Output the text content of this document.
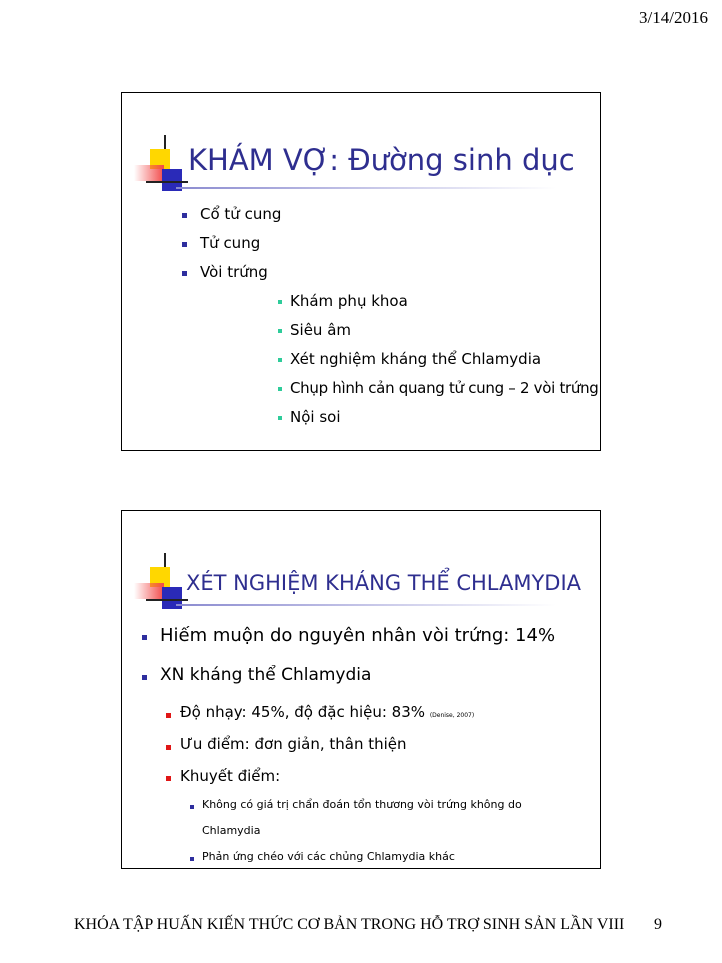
3/14/2016
KHÁM VỢ: Đường sinh dục
Cổ tử cung
Tử cung
Vòi trứng
Khám phụ khoa
Siêu âm
Xét nghiệm kháng thể Chlamydia
Chụp hình cản quang tử cung – 2 vòi trứng
Nội soi
XÉT NGHIỆM KHÁNG THỂ CHLAMYDIA
Hiếm muộn do nguyên nhân vòi trứng: 14%
XN kháng thể Chlamydia
Độ nhạy: 45%, độ đặc hiệu: 83% (Denise, 2007)
Ưu điểm: đơn giản, thân thiện
Khuyết điểm:
Không có giá trị chẩn đoán tổn thương vòi trứng không do
Chlamydia
Phản ứng chéo với các chủng Chlamydia khác
KHÓA TẬP HUẤN KIẾN THỨC CƠ BẢN TRONG HỖ TRỢ SINH SẢN LẦN VIII 9
